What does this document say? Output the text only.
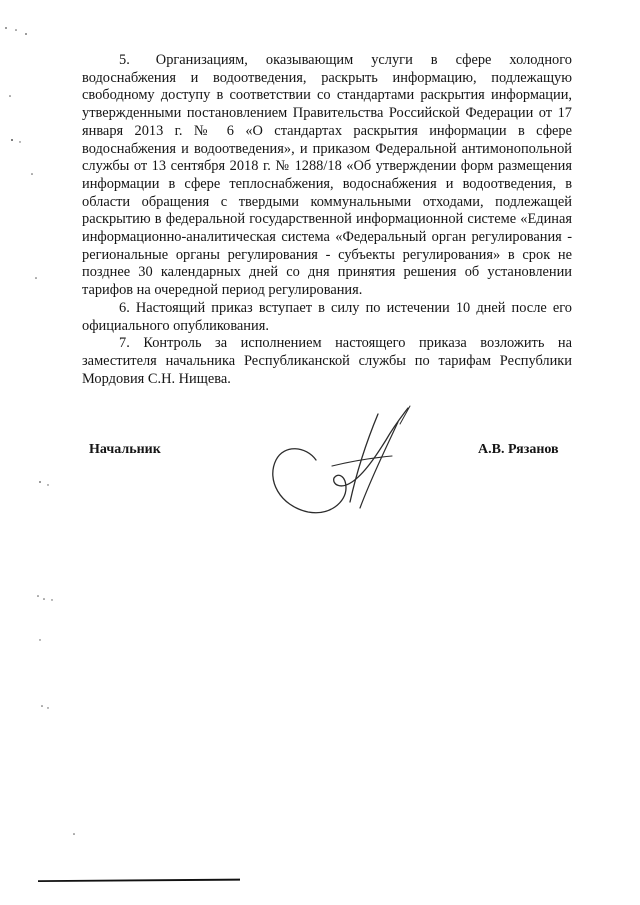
5. Организациям, оказывающим услуги в сфере холодного водоснабжения и водоотведения, раскрыть информацию, подлежащую свободному доступу в соответствии со стандартами раскрытия информации, утвержденными постановлением Правительства Российской Федерации от 17 января 2013 г. № 6 «О стандартах раскрытия информации в сфере водоснабжения и водоотведения», и приказом Федеральной антимонопольной службы от 13 сентября 2018 г. № 1288/18 «Об утверждении форм размещения информации в сфере теплоснабжения, водоснабжения и водоотведения, в области обращения с твердыми коммунальными отходами, подлежащей раскрытию в федеральной государственной информационной системе «Единая информационно-аналитическая система «Федеральный орган регулирования - региональные органы регулирования - субъекты регулирования» в срок не позднее 30 календарных дней со дня принятия решения об установлении тарифов на очередной период регулирования.

6. Настоящий приказ вступает в силу по истечении 10 дней после его официального опубликования.

7. Контроль за исполнением настоящего приказа возложить на заместителя начальника Республиканской службы по тарифам Республики Мордовия С.Н. Нищева.

Начальник	А.В. Рязанов
